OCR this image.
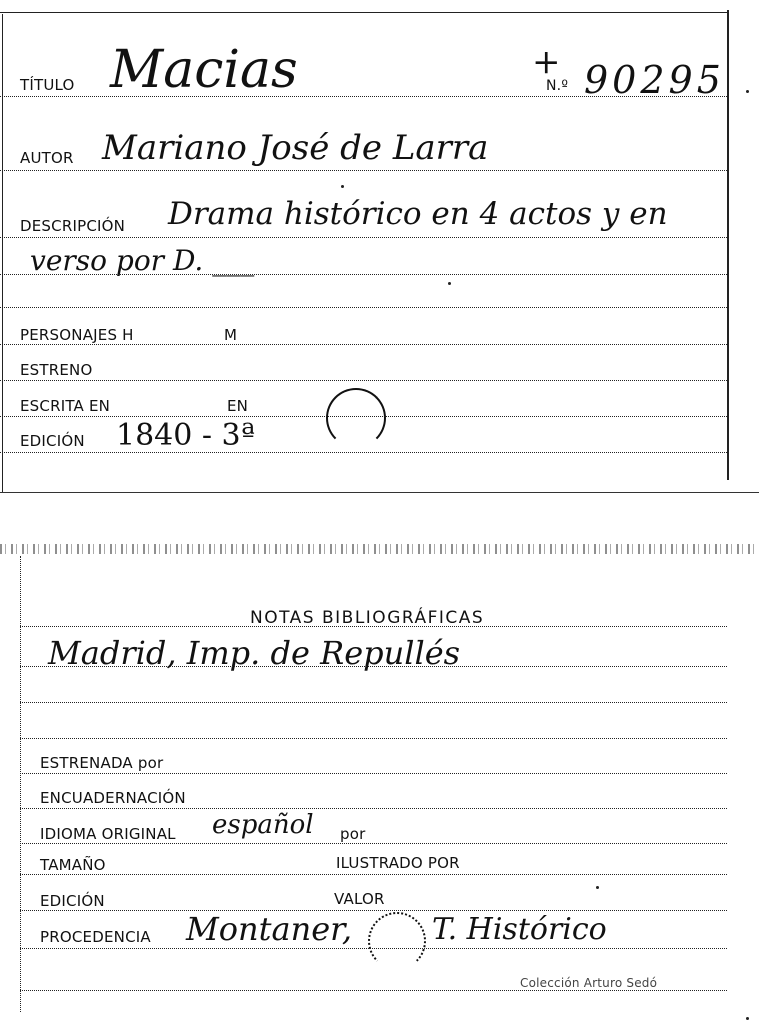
TÍTULO Macias	+
N.º 90295
AUTOR Mariano José de Larra
DESCRIPCIÓN Drama histórico en 4 actos y en
verso por D. ___
PERSONAJES H	M
ESTRENO
ESCRITA EN	EN
EDICIÓN 1840 - 3ª
NOTAS BIBLIOGRÁFICAS
Madrid, Imp. de Repullés
ESTRENADA por
ENCUADERNACIÓN
IDIOMA ORIGINAL español por
TAMAÑO	ILUSTRADO POR
EDICIÓN	VALOR
PROCEDENCIA Montaner,	T. Histórico
Colección Arturo Sedó
